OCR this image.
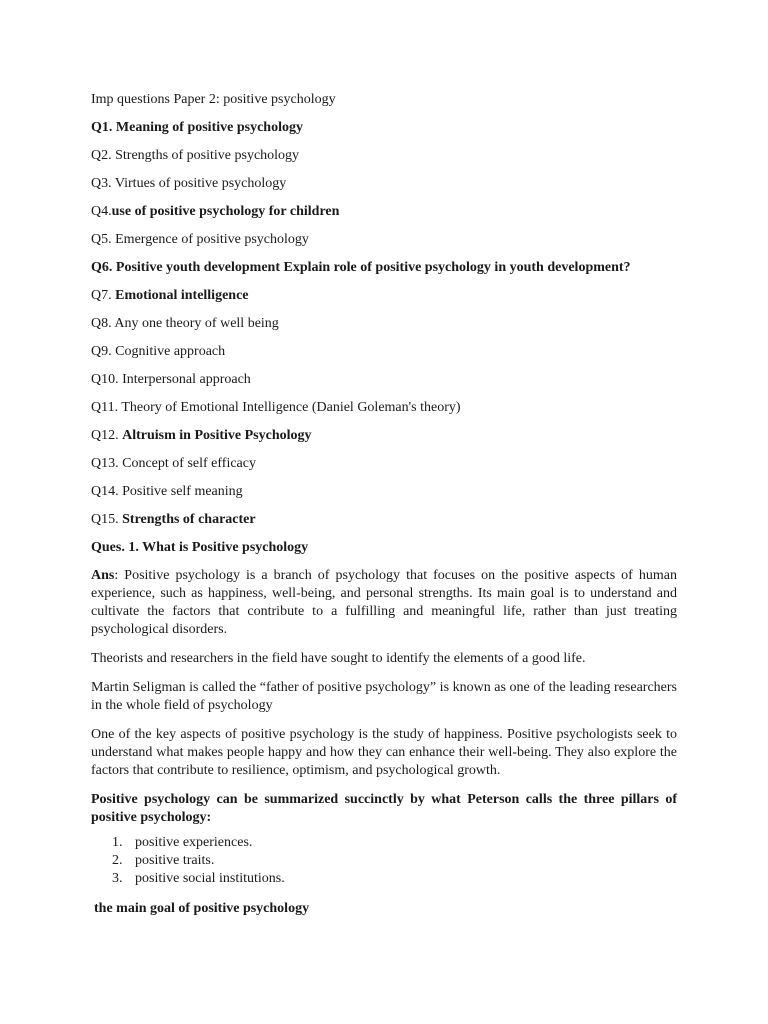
Imp questions Paper 2: positive psychology
Q1. Meaning of positive psychology
Q2. Strengths of positive psychology
Q3. Virtues of positive psychology
Q4.use of positive psychology for children
Q5. Emergence of positive psychology
Q6. Positive youth development Explain role of positive psychology in youth development?
Q7. Emotional intelligence
Q8. Any one theory of well being
Q9. Cognitive approach
Q10. Interpersonal approach
Q11. Theory of Emotional Intelligence (Daniel Goleman's theory)
Q12. Altruism in Positive Psychology
Q13. Concept of self efficacy
Q14. Positive self meaning
Q15. Strengths of character
Ques. 1. What is Positive psychology

Ans: Positive psychology is a branch of psychology that focuses on the positive aspects of human experience, such as happiness, well-being, and personal strengths. Its main goal is to understand and cultivate the factors that contribute to a fulfilling and meaningful life, rather than just treating psychological disorders.

Theorists and researchers in the field have sought to identify the elements of a good life.

Martin Seligman is called the “father of positive psychology” is known as one of the leading researchers in the whole field of psychology

One of the key aspects of positive psychology is the study of happiness. Positive psychologists seek to understand what makes people happy and how they can enhance their well-being. They also explore the factors that contribute to resilience, optimism, and psychological growth.

Positive psychology can be summarized succinctly by what Peterson calls the three pillars of positive psychology:

1. positive experiences.
2. positive traits.
3. positive social institutions.
the main goal of positive psychology
